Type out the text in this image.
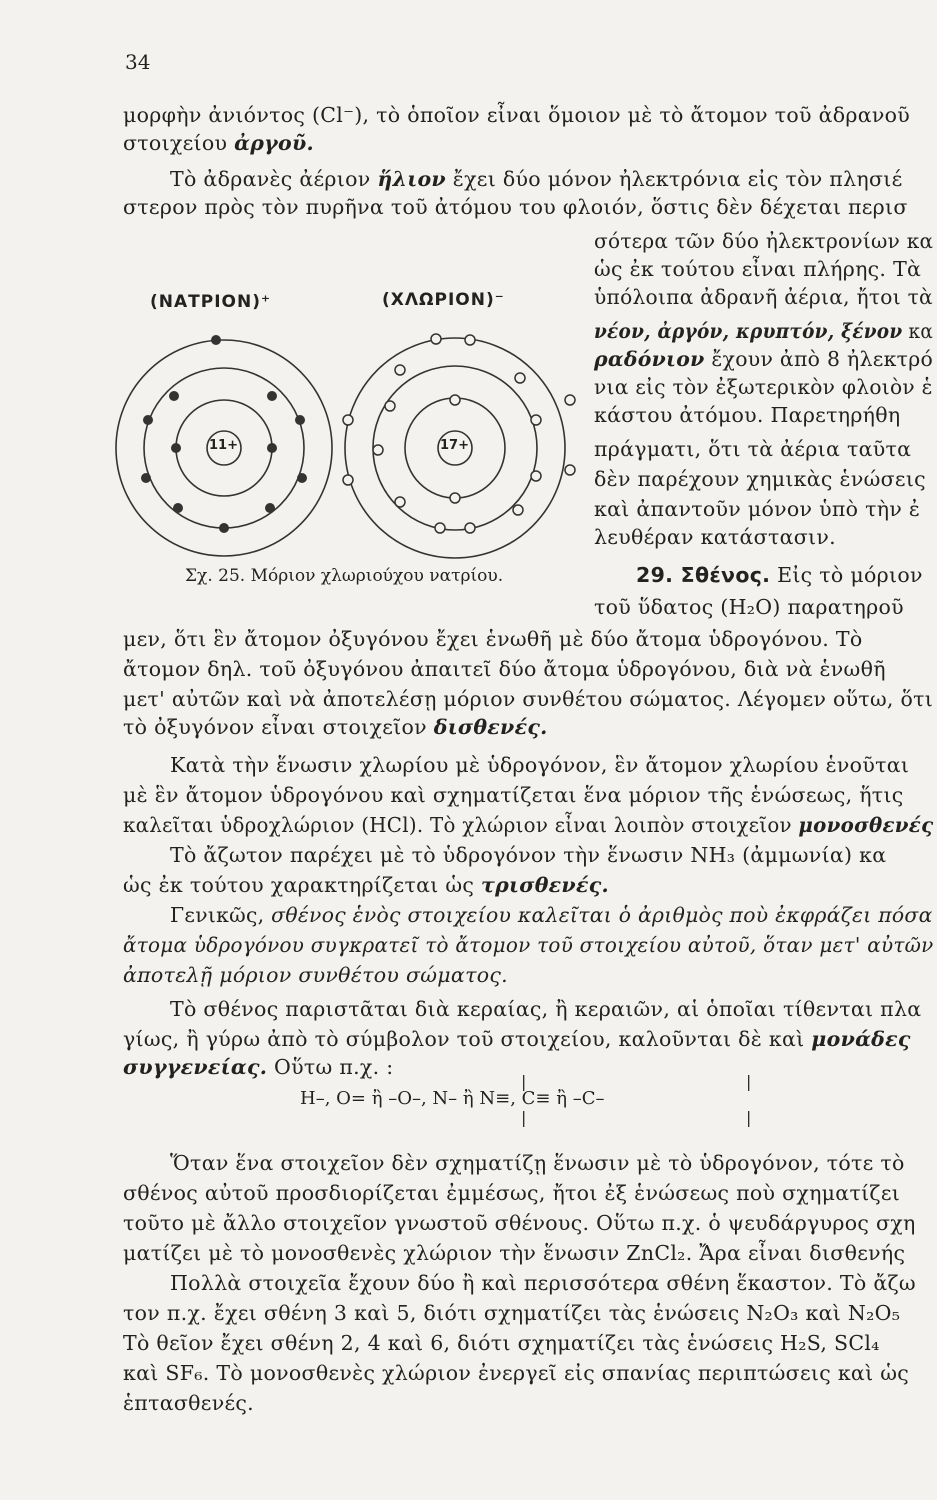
34
(ΝΑΤΡΙΟΝ)⁺	(ΧΛΩΡΙΟΝ)⁻
11+	17+
Σχ. 25. Μόριον χλωριούχου νατρίου.
μορφὴν ἀνιόντος (Cl⁻), τὸ ὁποῖον εἶναι ὅμοιον μὲ τὸ ἄτομον τοῦ ἀδρανοῦ
στοιχείου ἀργοῦ.
Τὸ ἀδρανὲς ἀέριον ἥλιον ἔχει δύο μόνον ἠλεκτρόνια εἰς τὸν πλησιέ
στερον πρὸς τὸν πυρῆνα τοῦ ἀτόμου του φλοιόν, ὅστις δὲν δέχεται περισ
σότερα τῶν δύο ἠλεκτρονίων κα
ὡς ἐκ τούτου εἶναι πλήρης. Τὰ
ὑπόλοιπα ἀδρανῆ ἀέρια, ἤτοι τὰ
νέον, ἀργόν, κρυπτόν, ξένον κα
ραδόνιον ἔχουν ἀπὸ 8 ἠλεκτρό
νια εἰς τὸν ἐξωτερικὸν φλοιὸν ἑ
κάστου ἀτόμου. Παρετηρήθη
πράγματι, ὅτι τὰ ἀέρια ταῦτα
δὲν παρέχουν χημικὰς ἑνώσεις
καὶ ἀπαντοῦν μόνον ὑπὸ τὴν ἐ
λευθέραν κατάστασιν.
29. Σθένος. Εἰς τὸ μόριον
τοῦ ὕδατος (H₂O) παρατηροῦ
μεν, ὅτι ἓν ἄτομον ὀξυγόνου ἔχει ἑνωθῆ μὲ δύο ἄτομα ὑδρογόνου. Τὸ
ἄτομον δηλ. τοῦ ὀξυγόνου ἀπαιτεῖ δύο ἄτομα ὑδρογόνου, διὰ νὰ ἑνωθῆ
μετ' αὐτῶν καὶ νὰ ἀποτελέσῃ μόριον συνθέτου σώματος. Λέγομεν οὕτω, ὅτι
τὸ ὀξυγόνον εἶναι στοιχεῖον δισθενές.
Κατὰ τὴν ἕνωσιν χλωρίου μὲ ὑδρογόνον, ἓν ἄτομον χλωρίου ἑνοῦται
μὲ ἓν ἄτομον ὑδρογόνου καὶ σχηματίζεται ἕνα μόριον τῆς ἑνώσεως, ἥτις
καλεῖται ὑδροχλώριον (HCl). Τὸ χλώριον εἶναι λοιπὸν στοιχεῖον μονοσθενές
Τὸ ἄζωτον παρέχει μὲ τὸ ὑδρογόνον τὴν ἕνωσιν NH₃ (ἀμμωνία) κα
ὡς ἐκ τούτου χαρακτηρίζεται ὡς τρισθενές.
Γενικῶς, σθένος ἑνὸς στοιχείου καλεῖται ὁ ἀριθμὸς ποὺ ἐκφράζει πόσα
ἄτομα ὑδρογόνου συγκρατεῖ τὸ ἄτομον τοῦ στοιχείου αὐτοῦ, ὅταν μετ' αὐτῶν
ἀποτελῇ μόριον συνθέτου σώματος.
Τὸ σθένος παριστᾶται διὰ κεραίας, ἢ κεραιῶν, αἱ ὁποῖαι τίθενται πλα
γίως, ἢ γύρω ἀπὸ τὸ σύμβολον τοῦ στοιχείου, καλοῦνται δὲ καὶ μονάδες
συγγενείας. Οὕτω π.χ. :
H–, O= ἢ –O–, N– ἢ N≡, C≡ ἢ –C–
|
|
|
|
Ὅταν ἕνα στοιχεῖον δὲν σχηματίζῃ ἕνωσιν μὲ τὸ ὑδρογόνον, τότε τὸ
σθένος αὐτοῦ προσδιορίζεται ἐμμέσως, ἤτοι ἐξ ἑνώσεως ποὺ σχηματίζει
τοῦτο μὲ ἄλλο στοιχεῖον γνωστοῦ σθένους. Οὕτω π.χ. ὁ ψευδάργυρος σχη
ματίζει μὲ τὸ μονοσθενὲς χλώριον τὴν ἕνωσιν ZnCl₂. Ἄρα εἶναι δισθενής
Πολλὰ στοιχεῖα ἔχουν δύο ἢ καὶ περισσότερα σθένη ἕκαστον. Τὸ ἄζω
τον π.χ. ἔχει σθένη 3 καὶ 5, διότι σχηματίζει τὰς ἑνώσεις N₂O₃ καὶ N₂O₅
Τὸ θεῖον ἔχει σθένη 2, 4 καὶ 6, διότι σχηματίζει τὰς ἑνώσεις H₂S, SCl₄
καὶ SF₆. Τὸ μονοσθενὲς χλώριον ἐνεργεῖ εἰς σπανίας περιπτώσεις καὶ ὡς
ἑπτασθενές.
